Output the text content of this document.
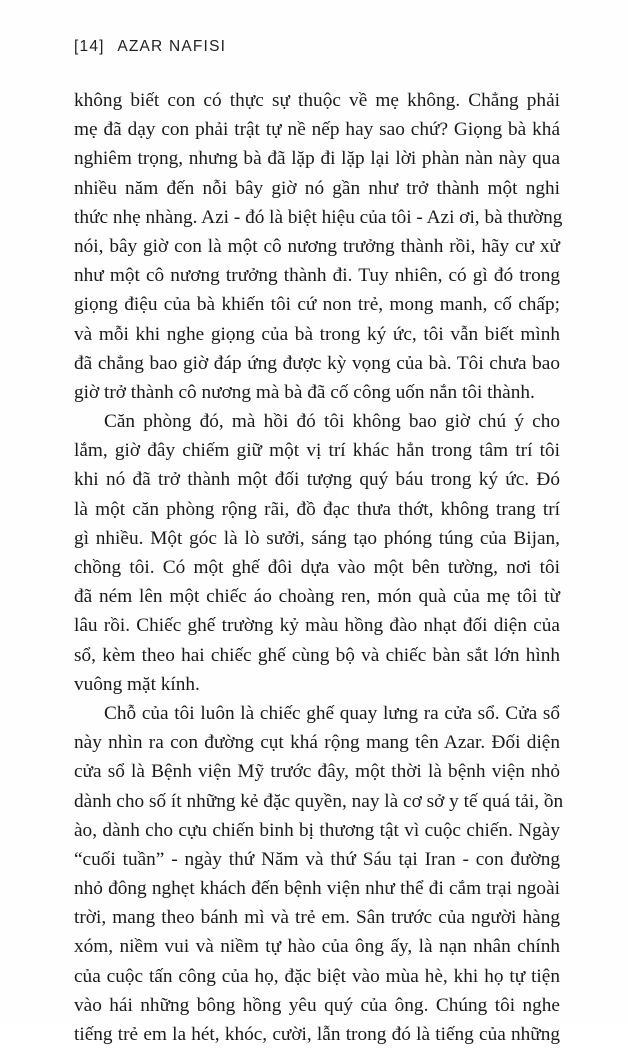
[14] AZAR NAFISI
không biết con có thực sự thuộc về mẹ không. Chẳng phải
mẹ đã dạy con phải trật tự nề nếp hay sao chứ? Giọng bà khá
nghiêm trọng, nhưng bà đã lặp đi lặp lại lời phàn nàn này qua
nhiều năm đến nỗi bây giờ nó gần như trở thành một nghi
thức nhẹ nhàng. Azi - đó là biệt hiệu của tôi - Azi ơi, bà thường
nói, bây giờ con là một cô nương trưởng thành rồi, hãy cư xử
như một cô nương trưởng thành đi. Tuy nhiên, có gì đó trong
giọng điệu của bà khiến tôi cứ non trẻ, mong manh, cố chấp;
và mỗi khi nghe giọng của bà trong ký ức, tôi vẫn biết mình
đã chẳng bao giờ đáp ứng được kỳ vọng của bà. Tôi chưa bao
giờ trở thành cô nương mà bà đã cố công uốn nắn tôi thành.
Căn phòng đó, mà hồi đó tôi không bao giờ chú ý cho
lắm, giờ đây chiếm giữ một vị trí khác hẳn trong tâm trí tôi
khi nó đã trở thành một đối tượng quý báu trong ký ức. Đó
là một căn phòng rộng rãi, đồ đạc thưa thớt, không trang trí
gì nhiều. Một góc là lò sưởi, sáng tạo phóng túng của Bijan,
chồng tôi. Có một ghế đôi dựa vào một bên tường, nơi tôi
đã ném lên một chiếc áo choàng ren, món quà của mẹ tôi từ
lâu rồi. Chiếc ghế trường kỷ màu hồng đào nhạt đối diện của
sổ, kèm theo hai chiếc ghế cùng bộ và chiếc bàn sắt lớn hình
vuông mặt kính.
Chỗ của tôi luôn là chiếc ghế quay lưng ra cửa sổ. Cửa sổ
này nhìn ra con đường cụt khá rộng mang tên Azar. Đối diện
cửa sổ là Bệnh viện Mỹ trước đây, một thời là bệnh viện nhỏ
dành cho số ít những kẻ đặc quyền, nay là cơ sở y tế quá tải, ồn
ào, dành cho cựu chiến binh bị thương tật vì cuộc chiến. Ngày
“cuối tuần” - ngày thứ Năm và thứ Sáu tại Iran - con đường
nhỏ đông nghẹt khách đến bệnh viện như thể đi cắm trại ngoài
trời, mang theo bánh mì và trẻ em. Sân trước của người hàng
xóm, niềm vui và niềm tự hào của ông ấy, là nạn nhân chính
của cuộc tấn công của họ, đặc biệt vào mùa hè, khi họ tự tiện
vào hái những bông hồng yêu quý của ông. Chúng tôi nghe
tiếng trẻ em la hét, khóc, cười, lẫn trong đó là tiếng của những
